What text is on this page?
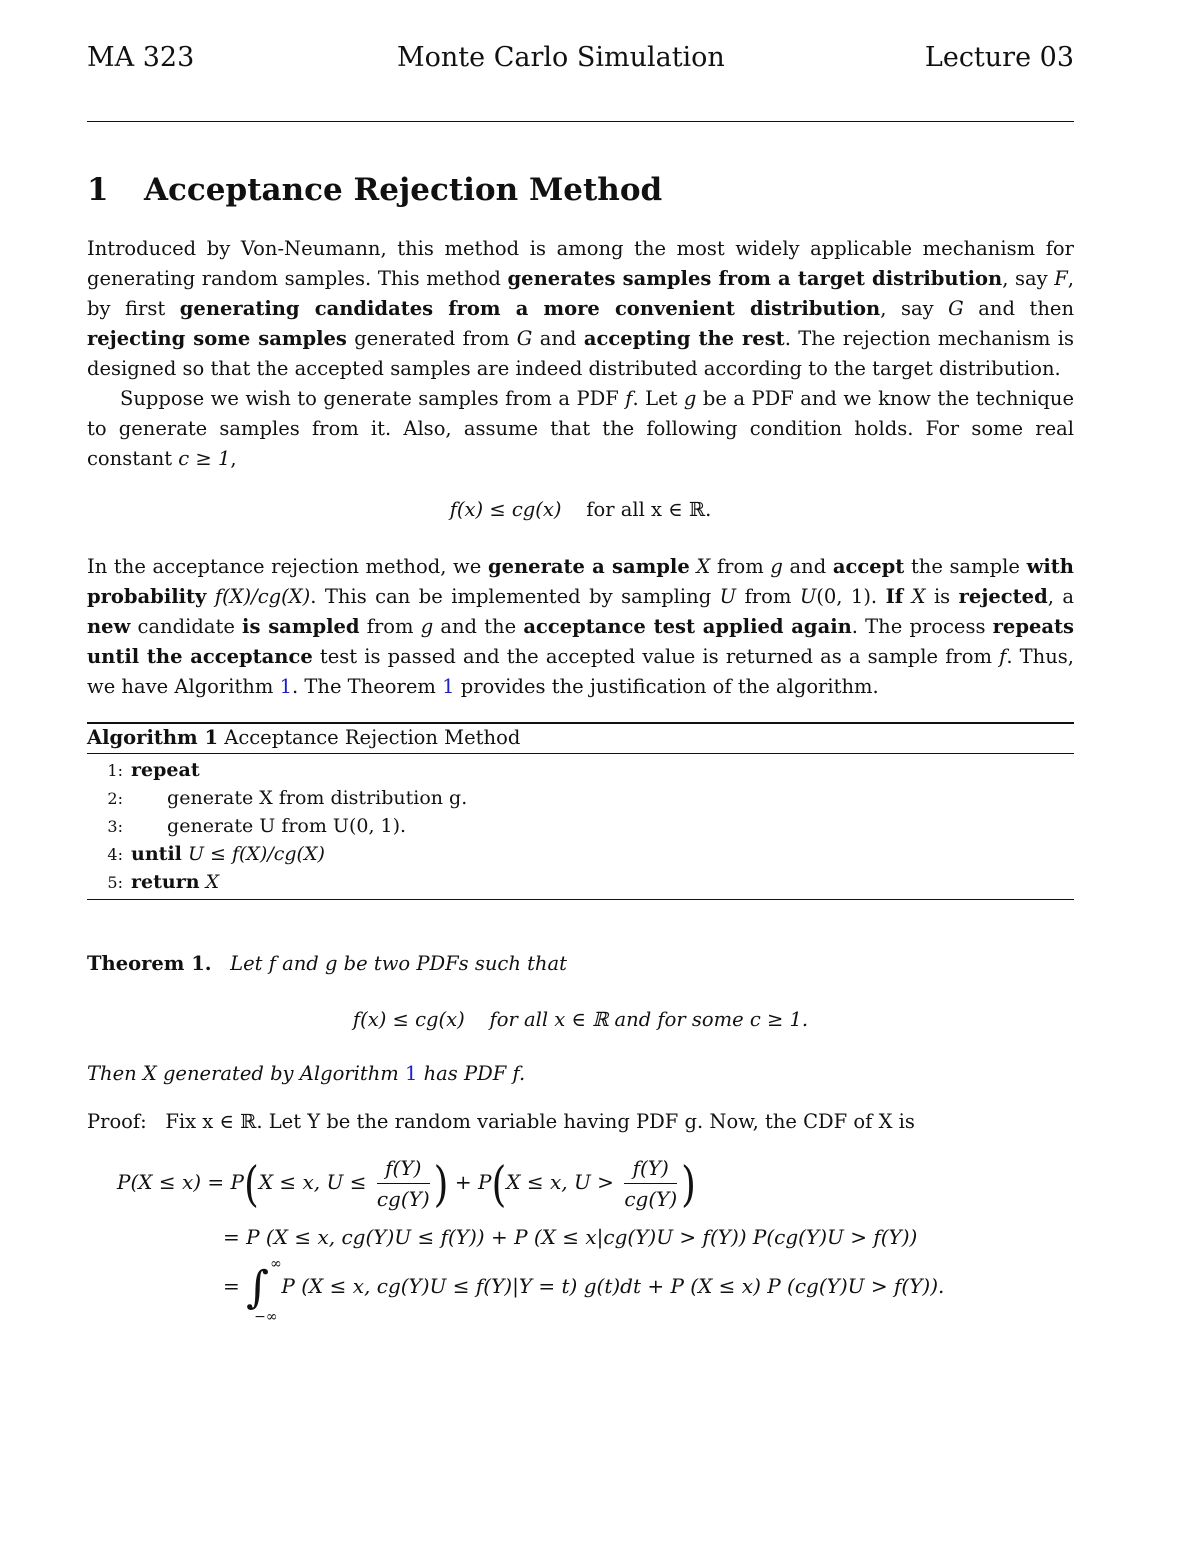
MA 323	Monte Carlo Simulation	Lecture 03
1 Acceptance Rejection Method
Introduced by Von-Neumann, this method is among the most widely applicable mechanism for generating random samples. This method generates samples from a target distribution, say F, by first generating candidates from a more convenient distribution, say G and then rejecting some samples generated from G and accepting the rest. The rejection mechanism is designed so that the accepted samples are indeed distributed according to the target distribution.
Suppose we wish to generate samples from a PDF f. Let g be a PDF and we know the technique to generate samples from it. Also, assume that the following condition holds. For some real constant c ≥ 1,
f(x) ≤ cg(x) for all x ∈ ℝ.
In the acceptance rejection method, we generate a sample X from g and accept the sample with probability f(X)/cg(X). This can be implemented by sampling U from U(0, 1). If X is rejected, a new candidate is sampled from g and the acceptance test applied again. The process repeats until the acceptance test is passed and the accepted value is returned as a sample from f. Thus, we have Algorithm 1. The Theorem 1 provides the justification of the algorithm.
Algorithm 1 Acceptance Rejection Method
1: repeat
2: generate X from distribution g.
3: generate U from U(0, 1).
4: until U ≤ f(X)/cg(X)
5: return X
Theorem 1. Let f and g be two PDFs such that
f(x) ≤ cg(x) for all x ∈ ℝ and for some c ≥ 1.
Then X generated by Algorithm 1 has PDF f.
Proof: Fix x ∈ ℝ. Let Y be the random variable having PDF g. Now, the CDF of X is
P(X ≤ x) = P(X ≤ x, $U \le \frac{f(Y)}{cg(Y)}$ ) + P(X ≤ x, $U > \frac{f(Y)}{cg(Y)}$ )
= P (X ≤ x, cg(Y)U ≤ f(Y)) + P (X ≤ x|cg(Y)U > f(Y)) P(cg(Y)U > f(Y))
= ∫ ∞
−∞
P (X ≤ x, cg(Y)U ≤ f(Y)|Y = t) g(t)dt + P (X ≤ x) P (cg(Y)U > f(Y)).
